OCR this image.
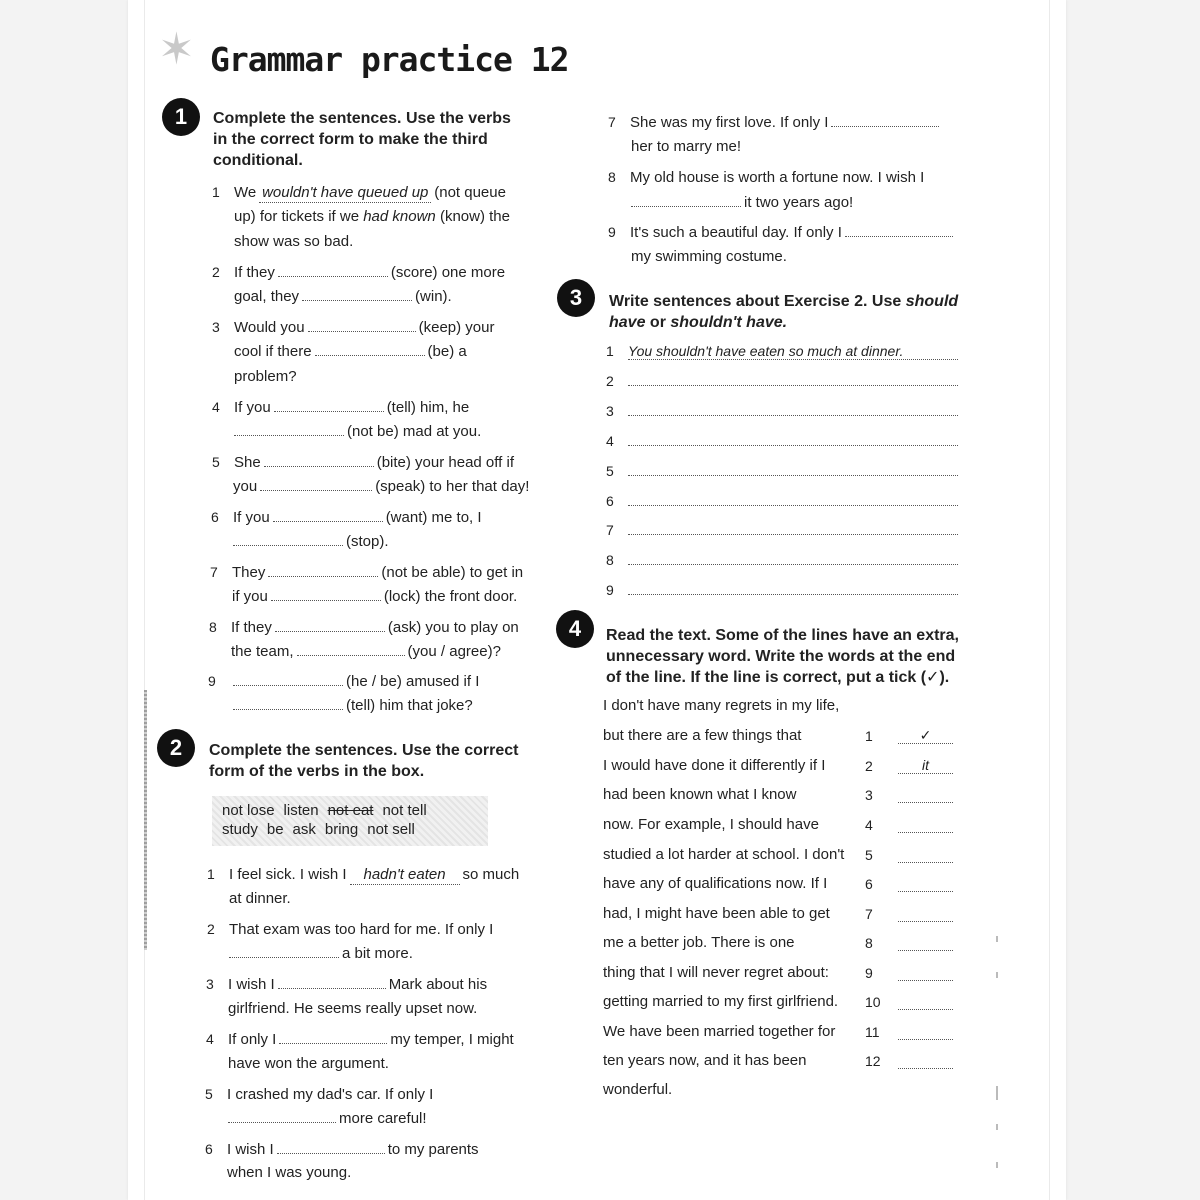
✶ Grammar practice 12
1	Complete the sentences. Use the verbs
in the correct form to make the third
conditional.
1 We wouldn't have queued up (not queue
up) for tickets if we had known (know) the
show was so bad.
2 If they	(score) one more
goal, they	(win).
3 Would you	(keep) your
cool if there	(be) a
problem?
4 If you	(tell) him, he
(not be) mad at you.
5 She	(bite) your head off if
you	(speak) to her that day!
6 If you	(want) me to, I
(stop).
7 They	(not be able) to get in
if you	(lock) the front door.
8 If they	(ask) you to play on
the team,	(you / agree)?
9	(he / be) amused if I
(tell) him that joke?
2	Complete the sentences. Use the correct
form of the verbs in the box.
not lose listen not eat not tell
study be ask bring not sell
1 I feel sick. I wish I hadn't eaten so much
at dinner.
2 That exam was too hard for me. If only I
a bit more.
3 I wish I	Mark about his
girlfriend. He seems really upset now.
4 If only I	my temper, I might
have won the argument.
5 I crashed my dad's car. If only I
more careful!
6 I wish I	to my parents
when I was young.
7 She was my first love. If only I
her to marry me!
8 My old house is worth a fortune now. I wish I
it two years ago!
9 It's such a beautiful day. If only I
my swimming costume.
3	Write sentences about Exercise 2. Use should
have or shouldn't have.
1 You shouldn't have eaten so much at dinner.
2
3
4
5
6
7
8
9
4	Read the text. Some of the lines have an extra,
unnecessary word. Write the words at the end
of the line. If the line is correct, put a tick (✓).
I don't have many regrets in my life,
but there are a few things that	1	✓
I would have done it differently if I	2	it
had been known what I know	3
now. For example, I should have	4
studied a lot harder at school. I don't 5
have any of qualifications now. If I	6
had, I might have been able to get	7
me a better job. There is one	8
thing that I will never regret about:	9
getting married to my first girlfriend. 10
We have been married together for 11
ten years now, and it has been	12
wonderful.
